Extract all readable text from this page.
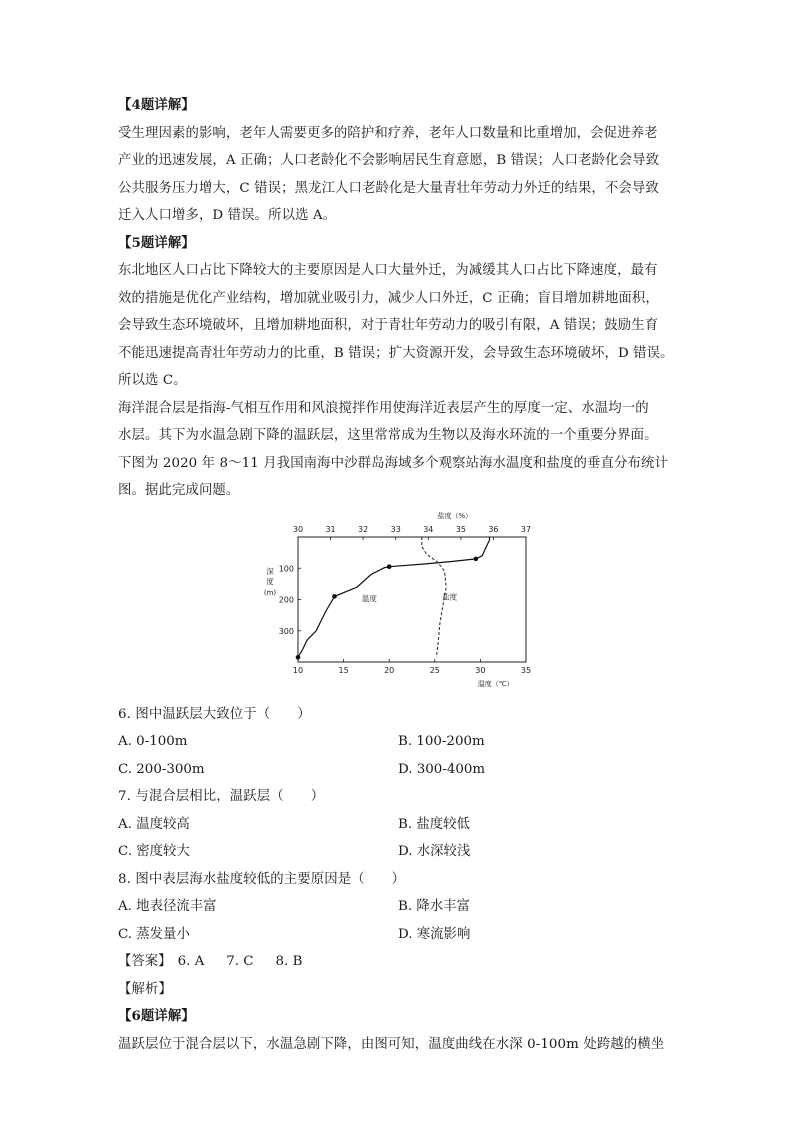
【4题详解】
受生理因素的影响，老年人需要更多的陪护和疗养，老年人口数量和比重增加，会促进养老
产业的迅速发展，A 正确；人口老龄化不会影响居民生育意愿，B 错误；人口老龄化会导致
公共服务压力增大，C 错误；黑龙江人口老龄化是大量青壮年劳动力外迁的结果，不会导致
迁入人口增多，D 错误。所以选 A。
【5题详解】
东北地区人口占比下降较大的主要原因是人口大量外迁，为减缓其人口占比下降速度，最有
效的措施是优化产业结构，增加就业吸引力，减少人口外迁，C 正确；盲目增加耕地面积，
会导致生态环境破坏，且增加耕地面积，对于青壮年劳动力的吸引有限，A 错误；鼓励生育
不能迅速提高青壮年劳动力的比重，B 错误；扩大资源开发，会导致生态环境破坏，D 错误。
所以选 C。
海洋混合层是指海-气相互作用和风浪搅拌作用使海洋近表层产生的厚度一定、水温均一的
水层。其下为水温急剧下降的温跃层，这里常常成为生物以及海水环流的一个重要分界面。
下图为 2020 年 8～11 月我国南海中沙群岛海域多个观察站海水温度和盐度的垂直分布统计
图。据此完成问题。
30	31	32	33	34	35	36	37
盐度（%）
10	15	20	25	30	35
温度（℃）
100
200
300
深
度
(m)
温度	盐度
6. 图中温跃层大致位于（　　）
A. 0-100m	B. 100-200m
C. 200-300m	D. 300-400m
7. 与混合层相比，温跃层（　　）
A. 温度较高	B. 盐度较低
C. 密度较大	D. 水深较浅
8. 图中表层海水盐度较低的主要原因是（　　）
A. 地表径流丰富	B. 降水丰富
C. 蒸发量小	D. 寒流影响
【答案】 6. A 7. C 8. B
【解析】
【6题详解】
温跃层位于混合层以下，水温急剧下降，由图可知，温度曲线在水深 0-100m 处跨越的横坐
